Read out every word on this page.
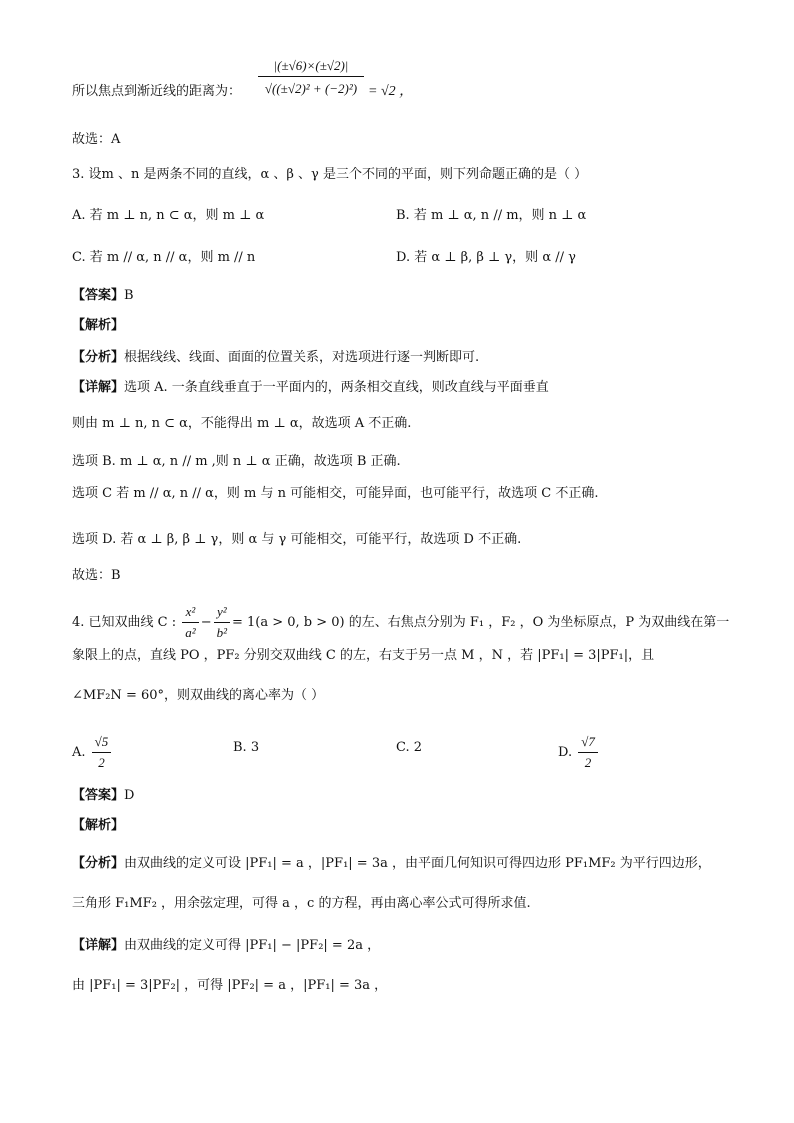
所以焦点到渐近线的距离为： $\frac{|(\pm√6)\times(\pm√2)|}{\text{√((±√2)² + (−2)²)}} = √2$ ，
故选：A
3. 设m 、n 是两条不同的直线，α 、β 、γ 是三个不同的平面，则下列命题正确的是（ ）
A. 若 m ⊥ n, n ⊂ α，则 m ⊥ α	B. 若 m ⊥ α, n // m，则 n ⊥ α
C. 若 m // α, n // α，则 m // n	D. 若 α ⊥ β, β ⊥ γ，则 α // γ
【答案】B
【解析】
【分析】根据线线、线面、面面的位置关系，对选项进行逐一判断即可.
【详解】选项 A. 一条直线垂直于一平面内的，两条相交直线，则改直线与平面垂直
则由 m ⊥ n, n ⊂ α，不能得出 m ⊥ α，故选项 A 不正确.
选项 B. m ⊥ α, n // m ,则 n ⊥ α 正确，故选项 B 正确.
选项 C 若 m // α, n // α，则 m 与 n 可能相交，可能异面，也可能平行，故选项 C 不正确.
选项 D. 若 α ⊥ β, β ⊥ γ，则 α 与 γ 可能相交，可能平行，故选项 D 不正确.
故选：B
4. 已知双曲线 C : $\frac{\text{x²}}{\text{a²}} - \frac{\text{y²}}{\text{b²}} = 1(a > 0$, b > 0) 的左、右焦点分别为 F₁ ，F₂ ，O 为坐标原点，P 为双曲线在第一
象限上的点，直线 PO ，PF₂ 分别交双曲线 C 的左，右支于另一点 M ，N ，若 |PF₁| = 3|PF₁|，且
∠MF₂N = 60°，则双曲线的离心率为（ ）
A. $\frac{√5}{2}$	B. 3	C. 2	D. $\frac{√7}{2}$
【答案】D
【解析】
【分析】由双曲线的定义可设 |PF₁| = a ，|PF₁| = 3a ，由平面几何知识可得四边形 PF₁MF₂ 为平行四边形，
三角形 F₁MF₂ ，用余弦定理，可得 a ，c 的方程，再由离心率公式可得所求值.
【详解】由双曲线的定义可得 |PF₁| − |PF₂| = 2a ，
由 |PF₁| = 3|PF₂| ，可得 |PF₂| = a ，|PF₁| = 3a ，
